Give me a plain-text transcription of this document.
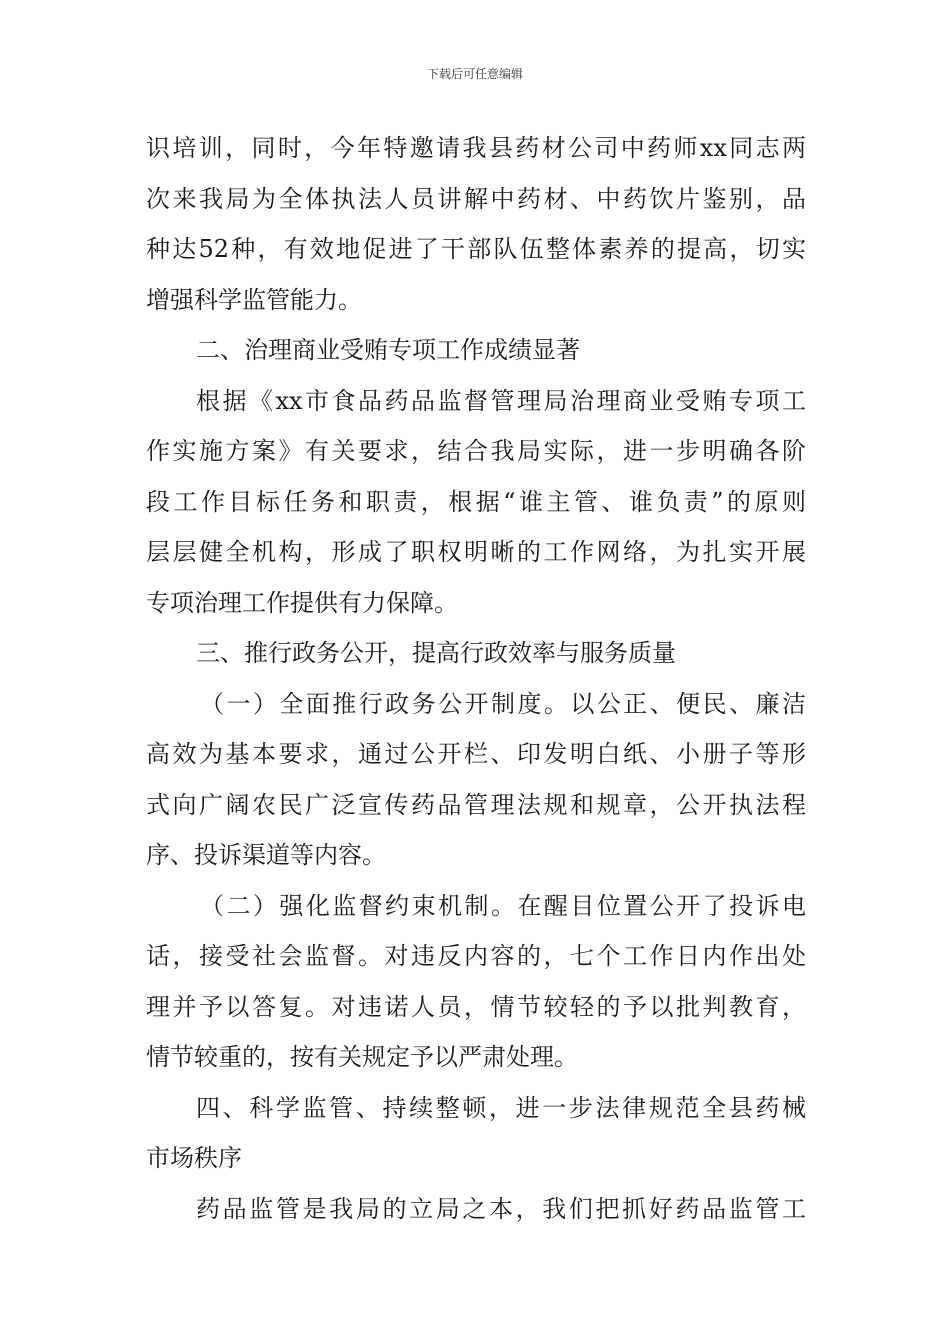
下载后可任意编辑
识培训，同时，今年特邀请我县药材公司中药师xx同志两
次来我局为全体执法人员讲解中药材、中药饮片鉴别，品
种达52种，有效地促进了干部队伍整体素养的提高，切实
增强科学监管能力。
二、治理商业受贿专项工作成绩显著
根据《xx市食品药品监督管理局治理商业受贿专项工
作实施方案》有关要求，结合我局实际，进一步明确各阶
段工作目标任务和职责，根据“谁主管、谁负责”的原则
层层健全机构，形成了职权明晰的工作网络，为扎实开展
专项治理工作提供有力保障。
三、推行政务公开，提高行政效率与服务质量
（一）全面推行政务公开制度。以公正、便民、廉洁
高效为基本要求，通过公开栏、印发明白纸、小册子等形
式向广阔农民广泛宣传药品管理法规和规章，公开执法程
序、投诉渠道等内容。
（二）强化监督约束机制。在醒目位置公开了投诉电
话，接受社会监督。对违反内容的，七个工作日内作出处
理并予以答复。对违诺人员，情节较轻的予以批判教育，
情节较重的，按有关规定予以严肃处理。
四、科学监管、持续整顿，进一步法律规范全县药械
市场秩序
药品监管是我局的立局之本，我们把抓好药品监管工
